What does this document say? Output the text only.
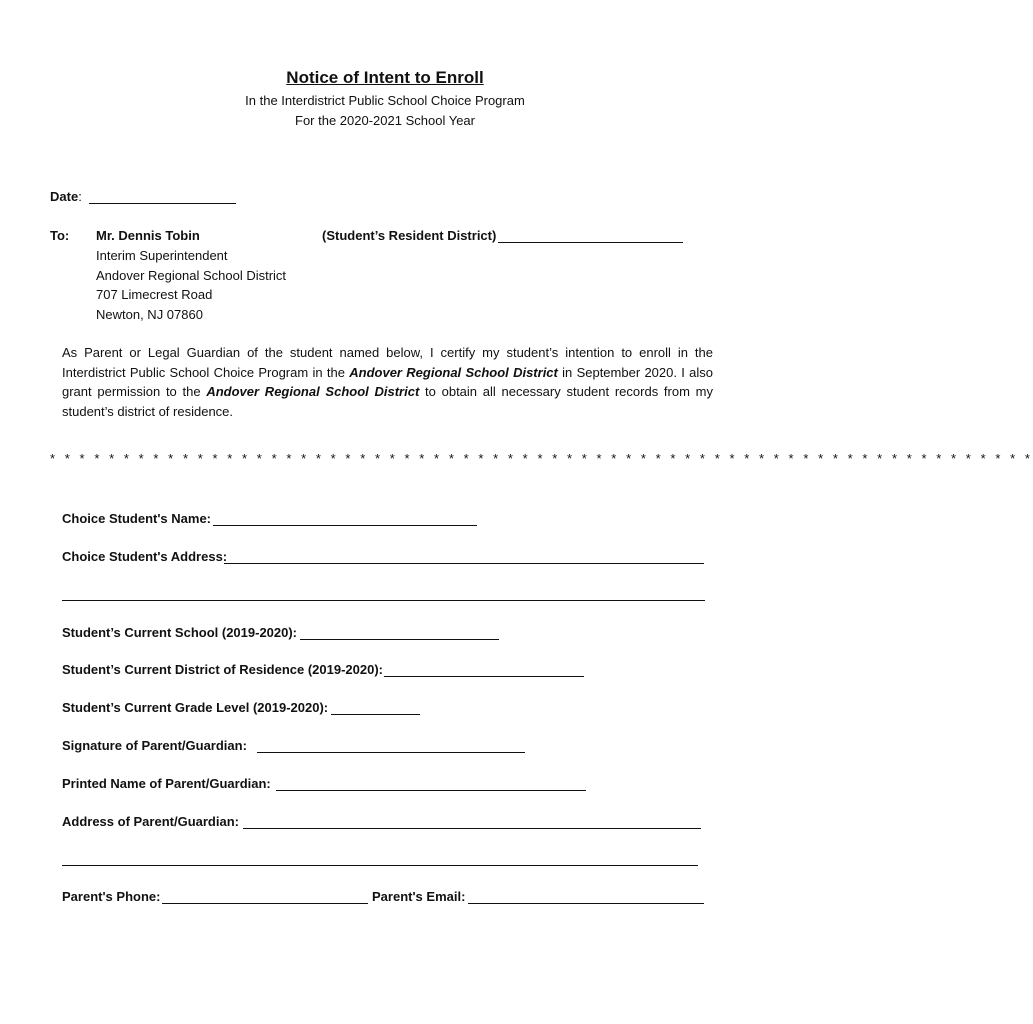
Notice of Intent to Enroll
In the Interdistrict Public School Choice Program
For the 2020-2021 School Year
Date:
To: Mr. Dennis Tobin
Interim Superintendent
Andover Regional School District
707 Limecrest Road
Newton, NJ 07860
(Student’s Resident District)
As Parent or Legal Guardian of the student named below, I certify my student’s intention to enroll in the Interdistrict Public School Choice Program in the Andover Regional School District in September 2020. I also grant permission to the Andover Regional School District to obtain all necessary student records from my student’s district of residence.
* * * * * * * * * * * * * * * * * * * * * * * * * * * * * * * * * * * * * * * * * * * * * * * * * * * * * * * * * * * * * * * * * * *
Choice Student's Name:
Choice Student's Address:
Student’s Current School (2019-2020):
Student’s Current District of Residence (2019-2020):
Student’s Current Grade Level (2019-2020):
Signature of Parent/Guardian:
Printed Name of Parent/Guardian:
Address of Parent/Guardian:
Parent's Phone:	Parent's Email:
